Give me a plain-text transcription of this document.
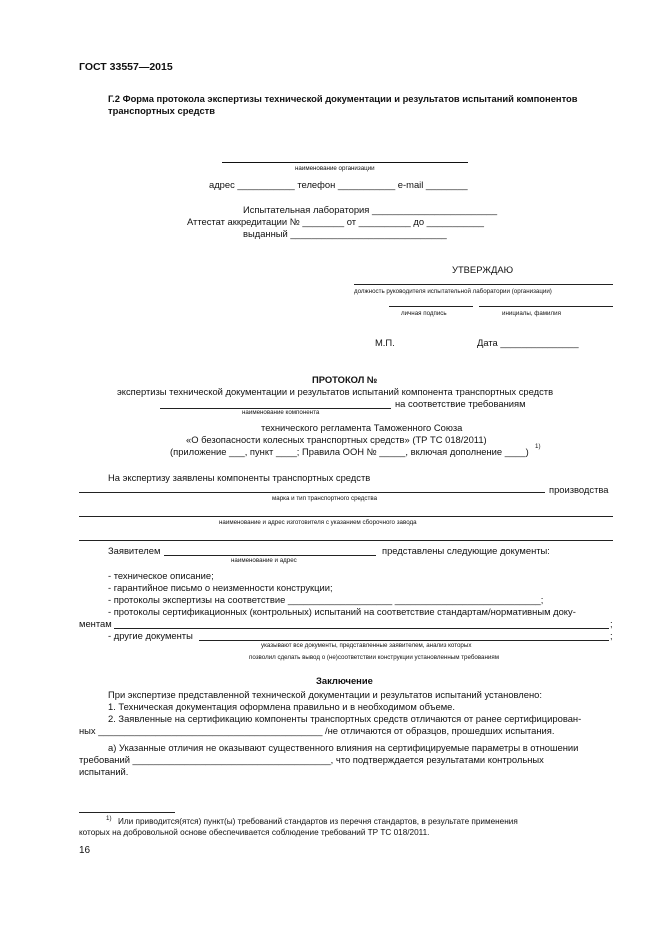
ГОСТ 33557—2015
Г.2 Форма протокола экспертизы технической документации и результатов испытаний компонентов
транспортных средств
наименование организации
адрес ___________ телефон ___________ e-mail ________
Испытательная лаборатория ________________________
Аттестат аккредитации № ________ от __________ до ___________
выданный ______________________________
УТВЕРЖДАЮ
должность руководителя испытательной лаборатории (организации)
личная подпись	инициалы, фамилия
М.П.	Дата _______________
ПРОТОКОЛ №
экспертизы технической документации и результатов испытаний компонента транспортных средств
на соответствие требованиям
наименование компонента
технического регламента Таможенного Союза
«О безопасности колесных транспортных средств» (ТР ТС 018/2011)
(приложение ___, пункт ____; Правила ООН № _____, включая дополнение ____) 1)
На экспертизу заявлены компоненты транспортных средств
производства
марка и тип транспортного средства
наименование и адрес изготовителя с указанием сборочного завода
Заявителем	представлены следующие документы:
наименование и адрес
- техническое описание;
- гарантийное письмо о неизменности конструкции;
- протоколы экспертизы на соответствие ____________________ ____________________________;
- протоколы сертификационных (контрольных) испытаний на соответствие стандартам/нормативным доку-
ментам	;
- другие документы	;
указывают все документы, представленные заявителем, анализ которых
позволил сделать вывод о (не)соответствии конструкции установленным требованиям
Заключение
При экспертизе представленной технической документации и результатов испытаний установлено:
1. Техническая документация оформлена правильно и в необходимом объеме.
2. Заявленные на сертификацию компоненты транспортных средств отличаются от ранее сертифицирован-
ных ___________________________________________ /не отличаются от образцов, прошедших испытания.
а) Указанные отличия не оказывают существенного влияния на сертифицируемые параметры в отношении
требований ______________________________________, что подтверждается результатами контрольных
испытаний.
1) Или приводится(ятся) пункт(ы) требований стандартов из перечня стандартов, в результате применения
которых на добровольной основе обеспечивается соблюдение требований ТР ТС 018/2011.
16
